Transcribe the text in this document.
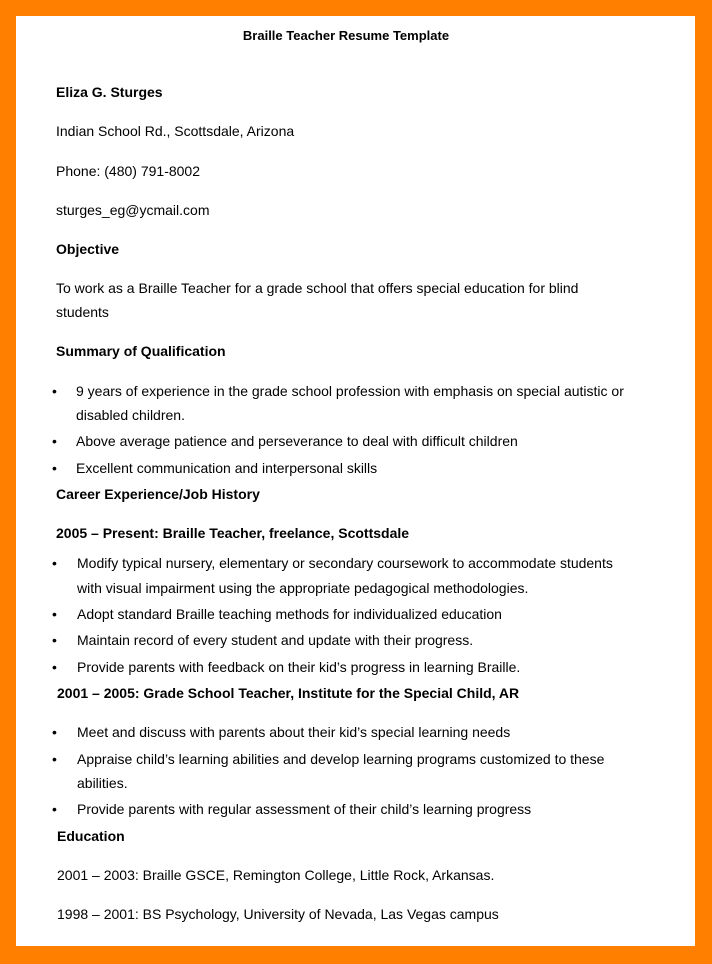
Braille Teacher Resume Template

Eliza G. Sturges

Indian School Rd., Scottsdale, Arizona

Phone: (480) 791-8002

sturges_eg@ycmail.com

Objective

To work as a Braille Teacher for a grade school that offers special education for blind

students

Summary of Qualification

• 9 years of experience in the grade school profession with emphasis on special autistic or
disabled children.
• Above average patience and perseverance to deal with difficult children
• Excellent communication and interpersonal skills

Career Experience/Job History

2005 – Present: Braille Teacher, freelance, Scottsdale

• Modify typical nursery, elementary or secondary coursework to accommodate students
with visual impairment using the appropriate pedagogical methodologies.
• Adopt standard Braille teaching methods for individualized education
• Maintain record of every student and update with their progress.
• Provide parents with feedback on their kid’s progress in learning Braille.

2001 – 2005: Grade School Teacher, Institute for the Special Child, AR

• Meet and discuss with parents about their kid’s special learning needs
• Appraise child’s learning abilities and develop learning programs customized to these
abilities.
• Provide parents with regular assessment of their child’s learning progress

Education

2001 – 2003: Braille GSCE, Remington College, Little Rock, Arkansas.

1998 – 2001: BS Psychology, University of Nevada, Las Vegas campus
